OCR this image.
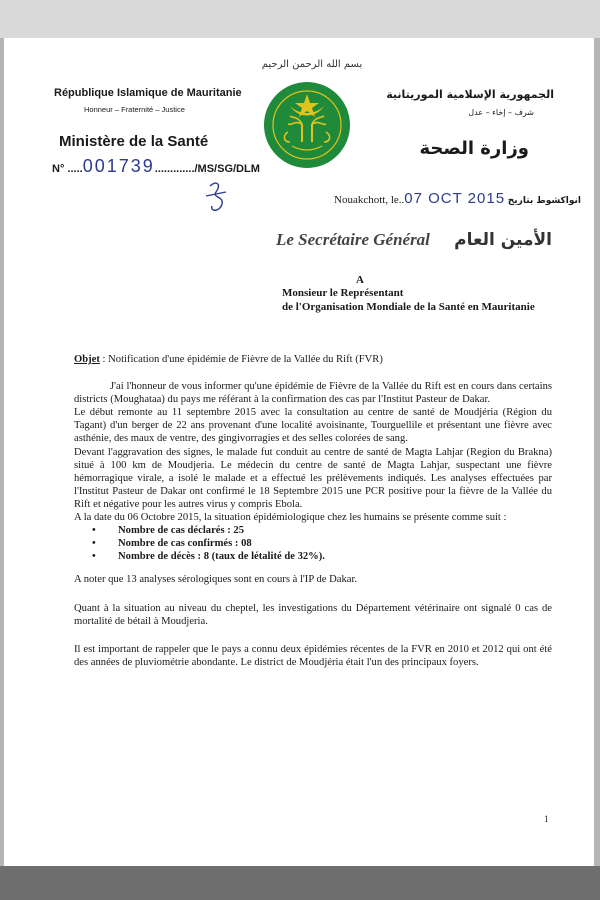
République Islamique de Mauritanie
Honneur – Fraternité – Justice
Ministère de la Santé
N° .....001739............./MS/SG/DLM
بسم الله الرحمن الرحيم
الجمهورية الإسلامية الموريتانية
شرف – إخاء – عدل
وزارة الصحة
Nouakchott, le..07 OCT 2015 انواكشوط بتاريخ
Le Secrétaire Général الأمين العام
A
Monsieur le Représentant
de l'Organisation Mondiale de la Santé en Mauritanie

Objet : Notification d'une épidémie de Fièvre de la Vallée du Rift (FVR)

J'ai l'honneur de vous informer qu'une épidémie de Fièvre de la Vallée du Rift est en cours dans certains districts (Moughataa) du pays me référant à la confirmation des cas par l'Institut Pasteur de Dakar.

Le début remonte au 11 septembre 2015 avec la consultation au centre de santé de Moudjéria (Région du Tagant) d'un berger de 22 ans provenant d'une localité avoisinante, Tourguellile et présentant une fièvre avec asthénie, des maux de ventre, des gingivorragies et des selles colorées de sang.

Devant l'aggravation des signes, le malade fut conduit au centre de santé de Magta Lahjar (Region du Brakna) situé à 100 km de Moudjeria. Le médecin du centre de santé de Magta Lahjar, suspectant une fièvre hémorragique virale, a isolé le malade et a effectué les prélèvements indiqués. Les analyses effectuées par l'Institut Pasteur de Dakar ont confirmé le 18 Septembre 2015 une PCR positive pour la fièvre de la Vallée du Rift et négative pour les autres virus y compris Ebola.

A la date du 06 Octobre 2015, la situation épidémiologique chez les humains se présente comme suit :

• Nombre de cas déclarés : 25
• Nombre de cas confirmés : 08
• Nombre de décès : 8 (taux de létalité de 32%).

A noter que 13 analyses sérologiques sont en cours à l'IP de Dakar.

Quant à la situation au niveau du cheptel, les investigations du Département vétérinaire ont signalé 0 cas de mortalité de bétail à Moudjeria.

Il est important de rappeler que le pays a connu deux épidémies récentes de la FVR en 2010 et 2012 qui ont été des années de pluviométrie abondante. Le district de Moudjéria était l'un des principaux foyers.

1
